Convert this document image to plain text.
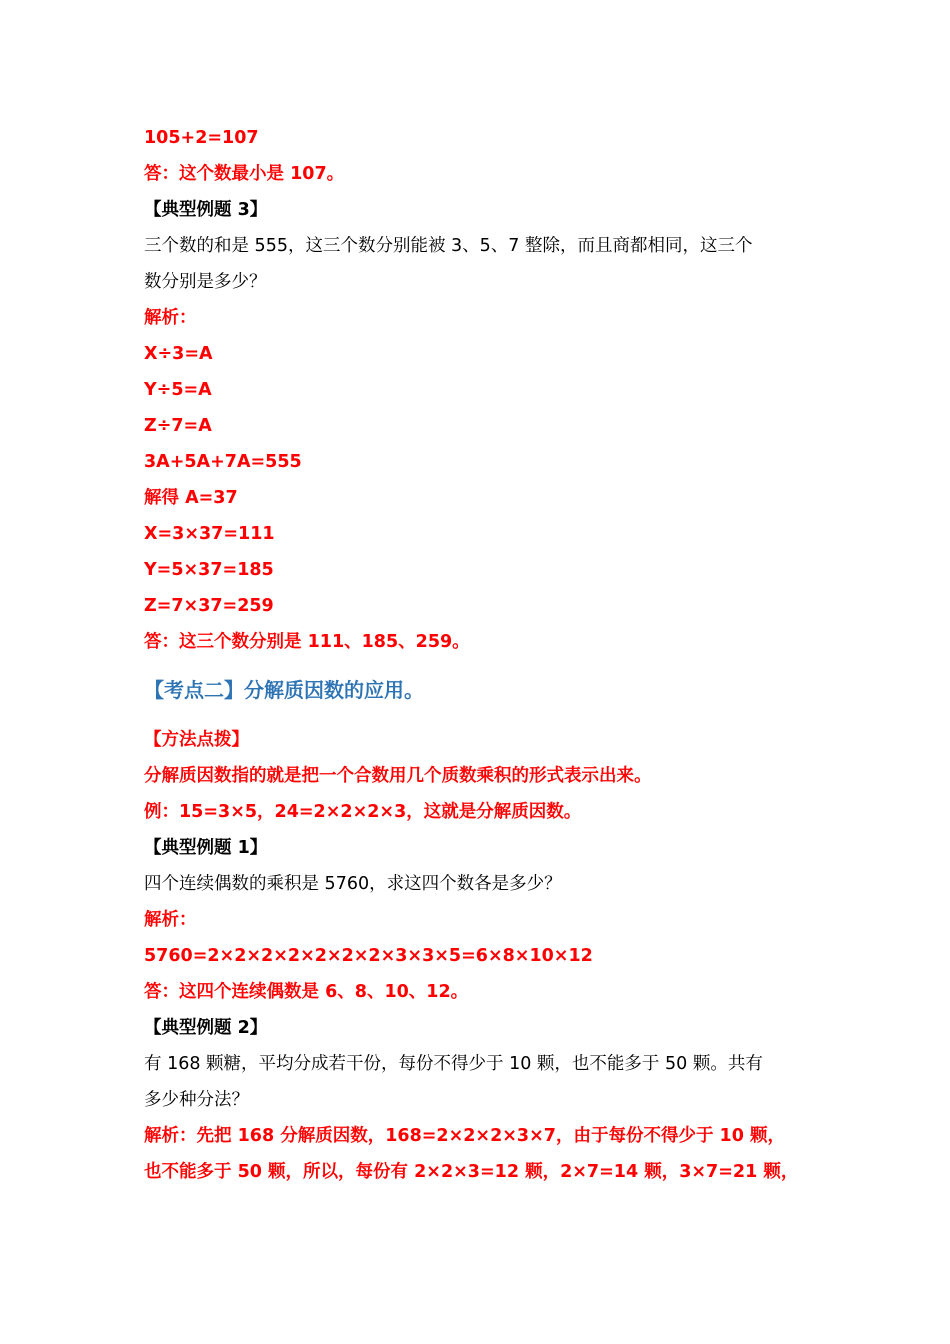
105+2=107
答：这个数最小是 107。
【典型例题 3】
三个数的和是 555，这三个数分别能被 3、5、7 整除，而且商都相同，这三个
数分别是多少？
解析：
X÷3=A
Y÷5=A
Z÷7=A
3A+5A+7A=555
解得 A=37
X=3×37=111
Y=5×37=185
Z=7×37=259
答：这三个数分别是 111、185、259。
【考点二】分解质因数的应用。
【方法点拨】
分解质因数指的就是把一个合数用几个质数乘积的形式表示出来。
例：15=3×5，24=2×2×2×3，这就是分解质因数。
【典型例题 1】
四个连续偶数的乘积是 5760，求这四个数各是多少？
解析：
5760=2×2×2×2×2×2×2×3×3×5=6×8×10×12
答：这四个连续偶数是 6、8、10、12。
【典型例题 2】
有 168 颗糖，平均分成若干份，每份不得少于 10 颗，也不能多于 50 颗。共有
多少种分法？
解析：先把 168 分解质因数，168=2×2×2×3×7，由于每份不得少于 10 颗，
也不能多于 50 颗，所以，每份有 2×2×3=12 颗，2×7=14 颗，3×7=21 颗，
